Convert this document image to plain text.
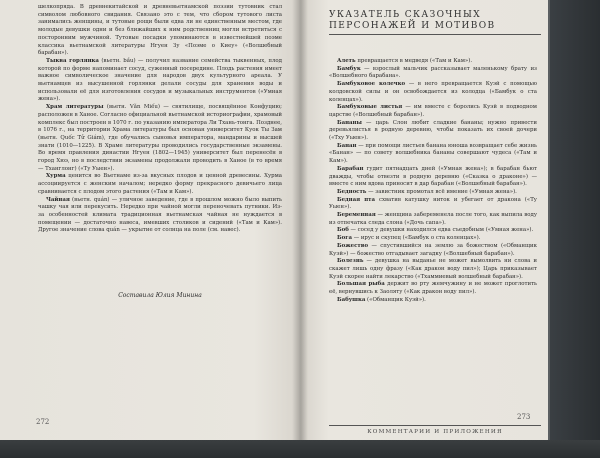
шелкопряда. В древнекитайской и древневьетнамской поэзии тутовник стал символом любовного свидания. Связано это с тем, что сбором тутового листа занимались женщины, и тутовые рощи были едва ли не единственным местом, где молодые девушки одни и без ближайших к ним родственниц могли встретиться с посторонним мужчиной. Тутовые посадки упоминаются в известнейшей поэме классика вьетнамской литературы Нгуен Зу «Поэме о Киеу» («Волшебный барабан»).

Тыква горлянка (вьетн. bầu) — получил название семейства тыквенных, плод которой по форме напоминает сосуд, суженный посередине. Плодь растения имеет важное символическое значение для народов двух культурного ареала. У вьетнамцев из высушенной горлянки делали сосуды для хранения воды и использовали её для изготовления сосудов и музыкальных инструментов («Умная жена»).

Храм литературы (вьетн. Văn Miếu) — святилище, посвящённое Конфуцию; расположен в Ханое. Согласно официальной вьетнамской историографии, храмовый комплекс был построен в 1070 г. по указанию императора Ли Тхань-тонга. Позднее, в 1076 г., на территории Храма литературы был основан университет Куок Ты Зам (вьетн. Quốc Tử Giám), где обучались сыновья императора, мандарины и высшей знати (1010—1225). В Храме литературы проводились государственные экзамены. Во время правления династии Нгуен (1802—1945) университет был перенесён в город Хюэ, но в последствии экзамены продолжали проводить в Ханое (в то время — Тханглонг) («Ту Уыен»).

Хурма ценится во Вьетнаме из-за вкусных плодов и ценной древесины. Хурма ассоциируется с женским началом; нередко форму прекрасного девичьего лица сравнивается с плодом этого растения («Там и Кам»).

Чайная (вьетн. quán) — уличное заведение, где в прошлом можно было выпить чашку чая или перекусить. Нередко при чайной могли переночевать путники. Из-за особенностей климата традиционная вьетнамская чайная не нуждается в помещении — достаточно навеса, имевших столиков и сидений («Там и Кам»). Другое значение слова quán — укрытие от солнца на поле (см. навес).

Составила Юлия Минина
272
УКАЗАТЕЛЬ СКАЗОЧНЫХ ПЕРСОНАЖЕЙ И МОТИВОВ

Алеть превращается в медведя («Там и Кам»).

Бамбук — взрослый мальчик рассказывает маленькому брату из «Волшебного барабана».

Бамбуковое колечко — в него превращается Куэй с помощью колдовской силы и он освобождается из колодца («Бамбук о ста коленцах»).

Бамбуковые листья — им вместе с боролись Куэй в подводном царстве («Волшебный барабан»).

Бананы — царь Слон любит сладкие бананы; нужно привести деревьялистья в родную деревню, чтобы показать их своей дочери («Тху Уыен»).

Банан — при помощи листьев банана юноша возвращает себе жизнь «Банан» — по совету волшебника бананы совершают чудеса («Там и Кам»).

Барабан гудит пятнадцать дней («Умная жена»); в барабан бьют дважды, чтобы отвезти в родную деревню («Сказка о драконе») — вместе с ним вдова приносит в дар барабан («Волшебный барабан»).

Бедность — завистник промотал всё имение («Умная жена»).

Бедная пта схватив катушку ниток и убегает от дракона («Ту Уыен»).

Беременная — женщина забеременела после того, как выпила воду из отпечатка следа слона («Дочь сапа»).

Боб — сосед у девушки находился едва съедобным («Умная жена»).

Бога — ирус и скупец («Бамбук о ста коленцах»).

Божество — спустившийся на землю за божеством («Обманщик Куэй») — божество отгадывает загадку («Волшебный барабан»).

Болезнь — девушка на выданье не может вымолвить ни слова и скажет лишь одну фразу («Как дракон воду пил»); Царь приказывает Куэй скорее найти лекарство («Тхаммиевый волшебный барабан»).

Большая рыба держит во рту жемчужину и не может проглотить её, вернувшись к Заоляту («Как дракон воду пил»).

Бабушка («Обманщик Куэй»).

273
КОММЕНТАРИИ И ПРИЛОЖЕНИЯ
